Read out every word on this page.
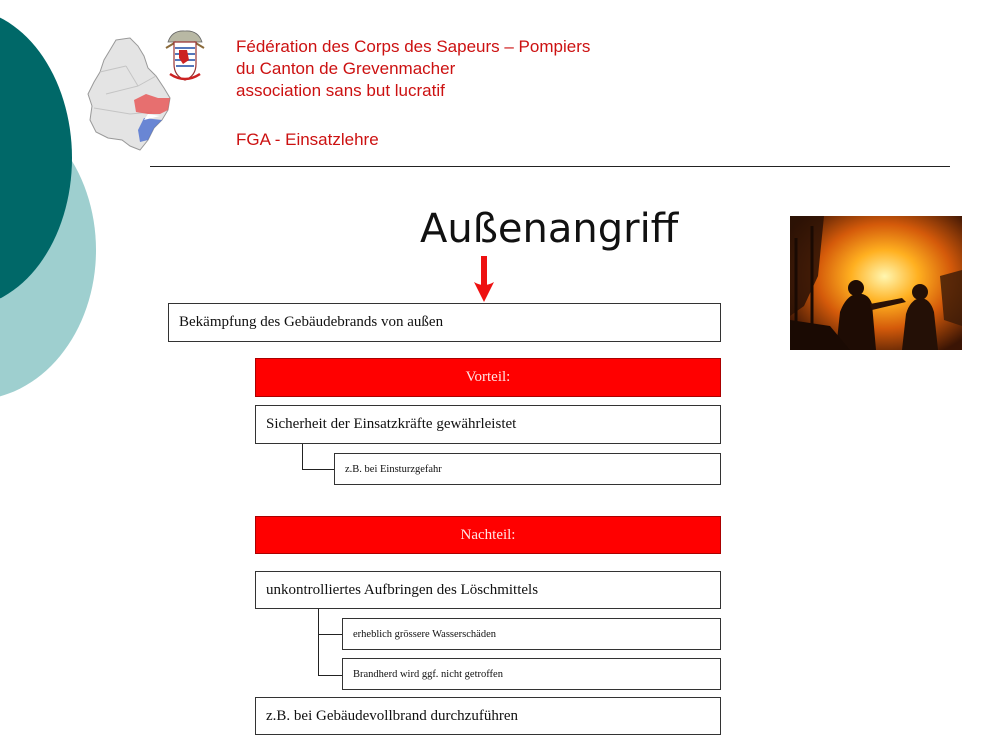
Fédération des Corps des Sapeurs – Pompiers
du Canton de Grevenmacher
association sans but lucratif
FGA - Einsatzlehre
Außenangriff
Bekämpfung des Gebäudebrands von außen
Vorteil:
Sicherheit der Einsatzkräfte gewährleistet
z.B. bei Einsturzgefahr
Nachteil:
unkontrolliertes Aufbringen des Löschmittels
erheblich grössere Wasserschäden
Brandherd wird ggf. nicht getroffen
z.B. bei Gebäudevollbrand durchzuführen
